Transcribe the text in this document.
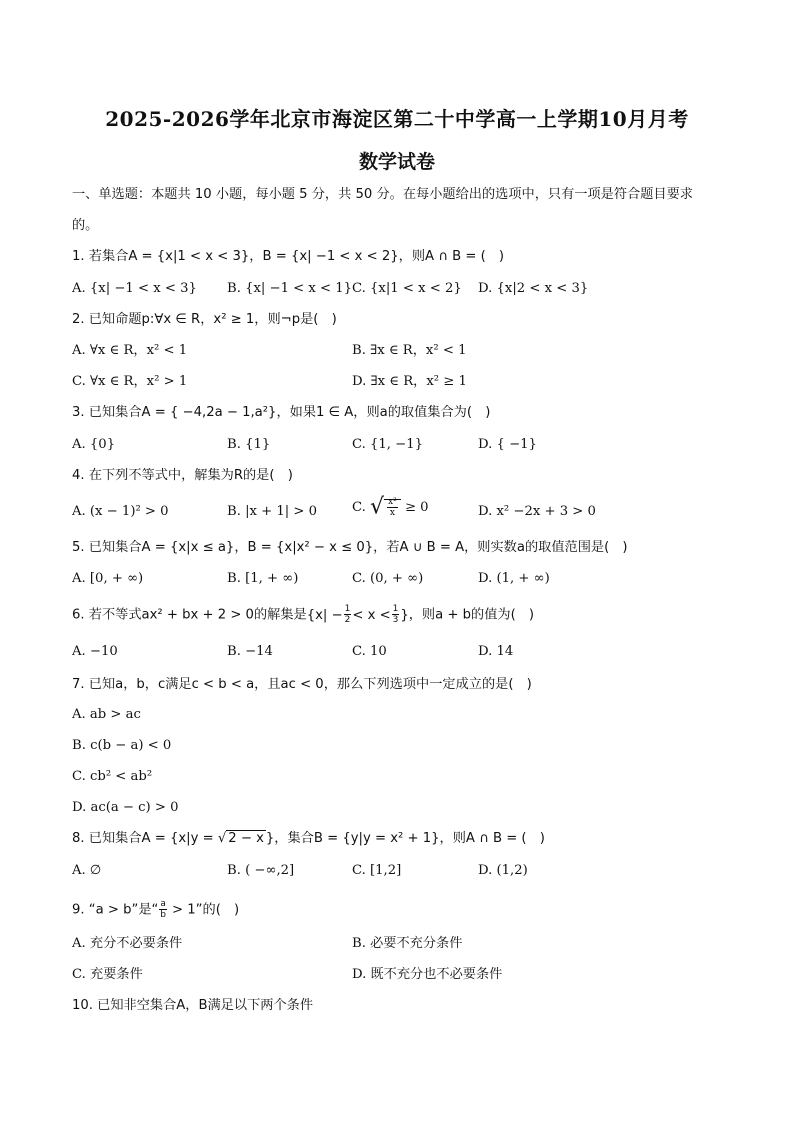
2025-2026学年北京市海淀区第二十中学高一上学期10月月考
数学试卷
一、单选题：本题共 10 小题，每小题 5 分，共 50 分。在每小题给出的选项中，只有一项是符合题目要求
的。
1. 若集合A = {x|1 < x < 3}，B = {x| −1 < x < 2}，则A ∩ B = (　)
A. {x| −1 < x < 3} B. {x| −1 < x < 1} C. {x|1 < x < 2} D. {x|2 < x < 3}
2. 已知命题p:∀x ∈ R，x² ≥ 1，则¬p是(　)
A. ∀x ∈ R，x² < 1	B. ∃x ∈ R，x² < 1
C. ∀x ∈ R，x² > 1	D. ∃x ∈ R，x² ≥ 1
3. 已知集合A = { −4,2a − 1,a²}，如果1 ∈ A，则a的取值集合为(　)
A. {0}	B. {1}	C. {1, −1}	D. { −1}
4. 在下列不等式中，解集为R的是(　)
A. (x − 1)² > 0	B. |x + 1| > 0	C. √ $\frac{\text{x²}}{x} \ge 0$	D. x² −2x + 3 > 0
5. 已知集合A = {x|x ≤ a}，B = {x|x² − x ≤ 0}，若A ∪ B = A，则实数a的取值范围是(　)
A. [0, + ∞)	B. [1, + ∞)	C. (0, + ∞)	D. (1, + ∞)
6. 若不等式ax² + bx + 2 > 0的解集是{$x| - \frac{1}{2} < x < \frac{1}{3}$ }，则a + b的值为(　)
A. −10	B. −14	C. 10	D. 14
7. 已知a，b，c满足c < b < a，且ac < 0，那么下列选项中一定成立的是(　)
A. ab > ac
B. c(b − a) < 0
C. cb² < ab²
D. ac(a − c) > 0
8. 已知集合A = {x|y = √ 2 − x }，集合B = {y|y = x² + 1}，则A ∩ B = (　)
A. ∅	B. ( −∞,2]	C. [1,2]	D. (1,2)
9. “a > b”是“ $\frac{a}{b} > 1$”的(　)
A. 充分不必要条件	B. 必要不充分条件
C. 充要条件	D. 既不充分也不必要条件
10. 已知非空集合A，B满足以下两个条件
